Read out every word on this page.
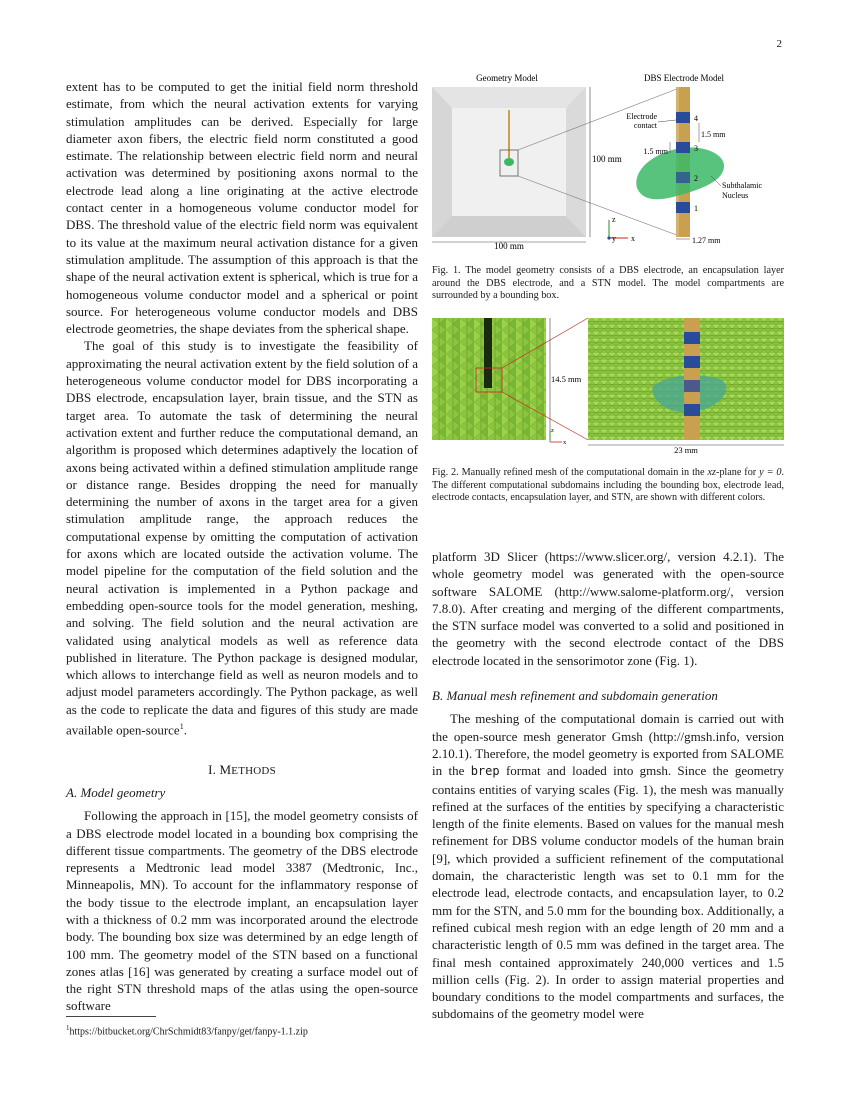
2

extent has to be computed to get the initial field norm threshold estimate, from which the neural activation extents for varying stimulation amplitudes can be derived. Especially for large diameter axon fibers, the electric field norm constituted a good estimate. The relationship between electric field norm and neural activation was determined by positioning axons normal to the electrode lead along a line originating at the active electrode contact center in a homogeneous volume conductor model for DBS. The threshold value of the electric field norm was equivalent to its value at the maximum neural activation distance for a given stimulation amplitude. The assumption of this approach is that the shape of the neural activation extent is spherical, which is true for a homogeneous volume conductor model and a spherical or point source. For heterogeneous volume conductor models and DBS electrode geometries, the shape deviates from the spherical shape.

The goal of this study is to investigate the feasibility of approximating the neural activation extent by the field solution of a heterogeneous volume conductor model for DBS incorporating a DBS electrode, encapsulation layer, brain tissue, and the STN as target area. To automate the task of determining the neural activation extent and further reduce the computational demand, an algorithm is proposed which determines adaptively the location of axons being activated within a defined stimulation amplitude range or distance range. Besides dropping the need for manually determining the number of axons in the target area for a given stimulation amplitude range, the approach reduces the computational expense by omitting the computation of activation for axons which are located outside the activation volume. The model pipeline for the computation of the field solution and the neural activation is implemented in a Python package and embedding open-source tools for the model generation, meshing, and solving. The field solution and the neural activation are validated using analytical models as well as reference data published in literature. The Python package is designed modular, which allows to interchange field as well as neuron models and to adjust model parameters accordingly. The Python package, as well as the code to replicate the data and figures of this study are made available open-source$^1$.

I. METHODS

A. Model geometry

Following the approach in [15], the model geometry consists of a DBS electrode model located in a bounding box comprising the different tissue compartments. The geometry of the DBS electrode represents a Medtronic lead model 3387 (Medtronic, Inc., Minneapolis, MN). To account for the inflammatory response of the body tissue to the electrode implant, an encapsulation layer with a thickness of 0.2 mm was incorporated around the electrode body. The bounding box size was determined by an edge length of 100 mm. The geometry model of the STN based on a functional zones atlas [16] was generated by creating a surface model out of the right STN threshold maps of the atlas using the open-source software

$^1$https://bitbucket.org/ChrSchmidt83/fanpy/get/fanpy-1.1.zip
Geometry Model	DBS Electrode Model
100 mm
100 mm
z
y x
4
3
2
1
Electrode contact
1.5 mm
1.5 mm
Subthalamic Nucleus
1.27 mm
Fig. 1. The model geometry consists of a DBS electrode, an encapsulation layer around the DBS electrode, and a STN model. The model compartments are surrounded by a bounding box.
14.5 mm
23 mm
z
x
Fig. 2. Manually refined mesh of the computational domain in the xz-plane for y = 0. The different computational subdomains including the bounding box, electrode lead, electrode contacts, encapsulation layer, and STN, are shown with different colors.

platform 3D Slicer (https://www.slicer.org/, version 4.2.1). The whole geometry model was generated with the open-source software SALOME (http://www.salome-platform.org/, version 7.8.0). After creating and merging of the different compartments, the STN surface model was converted to a solid and positioned in the geometry with the second electrode contact of the DBS electrode located in the sensorimotor zone (Fig. 1).

B. Manual mesh refinement and subdomain generation

The meshing of the computational domain is carried out with the open-source mesh generator Gmsh (http://gmsh.info, version 2.10.1). Therefore, the model geometry is exported from SALOME in the brep format and loaded into gmsh. Since the geometry contains entities of varying scales (Fig. 1), the mesh was manually refined at the surfaces of the entities by specifying a characteristic length of the finite elements. Based on values for the manual mesh refinement for DBS volume conductor models of the human brain [9], which provided a sufficient refinement of the computational domain, the characteristic length was set to 0.1 mm for the electrode lead, electrode contacts, and encapsulation layer, to 0.2 mm for the STN, and 5.0 mm for the bounding box. Additionally, a refined cubical mesh region with an edge length of 20 mm and a characteristic length of 0.5 mm was defined in the target area. The final mesh contained approximately 240,000 vertices and 1.5 million cells (Fig. 2). In order to assign material properties and boundary conditions to the model compartments and surfaces, the subdomains of the geometry model were
